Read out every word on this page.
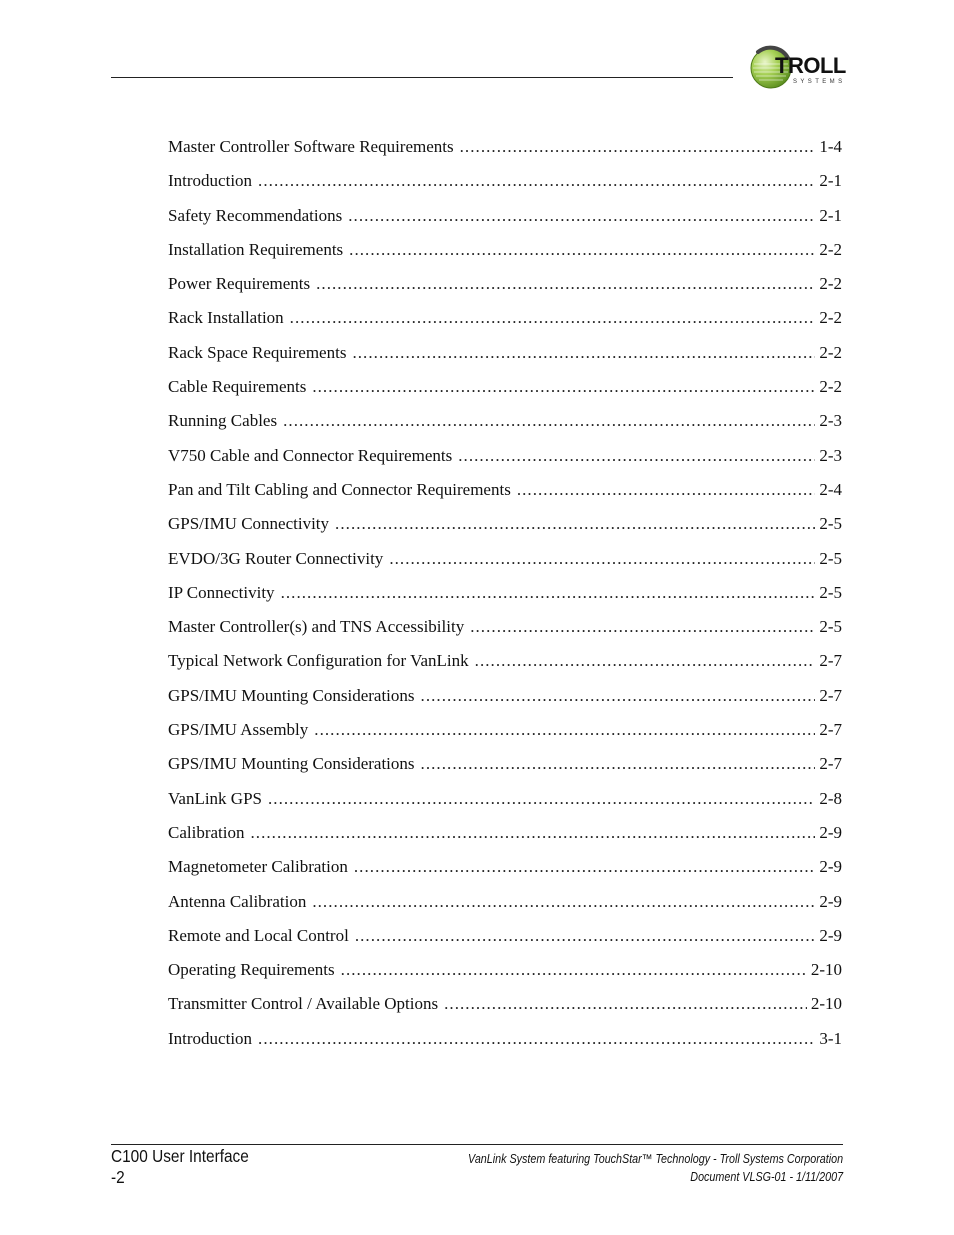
TROLL
SYSTEMS
Master Controller Software Requirements .....	1-4
Introduction .....	2-1
Safety Recommendations .....	2-1
Installation Requirements .....	2-2
Power Requirements .....	2-2
Rack Installation .....	2-2
Rack Space Requirements .....	2-2
Cable Requirements .....	2-2
Running Cables .....	2-3
V750 Cable and Connector Requirements .....	2-3
Pan and Tilt Cabling and Connector Requirements .....	2-4
GPS/IMU Connectivity .....	2-5
EVDO/3G Router Connectivity .....	2-5
IP Connectivity .....	2-5
Master Controller(s) and TNS Accessibility .....	2-5
Typical Network Configuration for VanLink .....	2-7
GPS/IMU Mounting Considerations .....	2-7
GPS/IMU Assembly .....	2-7
GPS/IMU Mounting Considerations .....	2-7
VanLink GPS .....	2-8
Calibration .....	2-9
Magnetometer Calibration .....	2-9
Antenna Calibration .....	2-9
Remote and Local Control .....	2-9
Operating Requirements .....	2-10
Transmitter Control / Available Options .....	2-10
Introduction .....	3-1
C100 User Interface
-2
VanLink System featuring TouchStar™ Technology - Troll Systems Corporation
Document VLSG-01 - 1/11/2007
